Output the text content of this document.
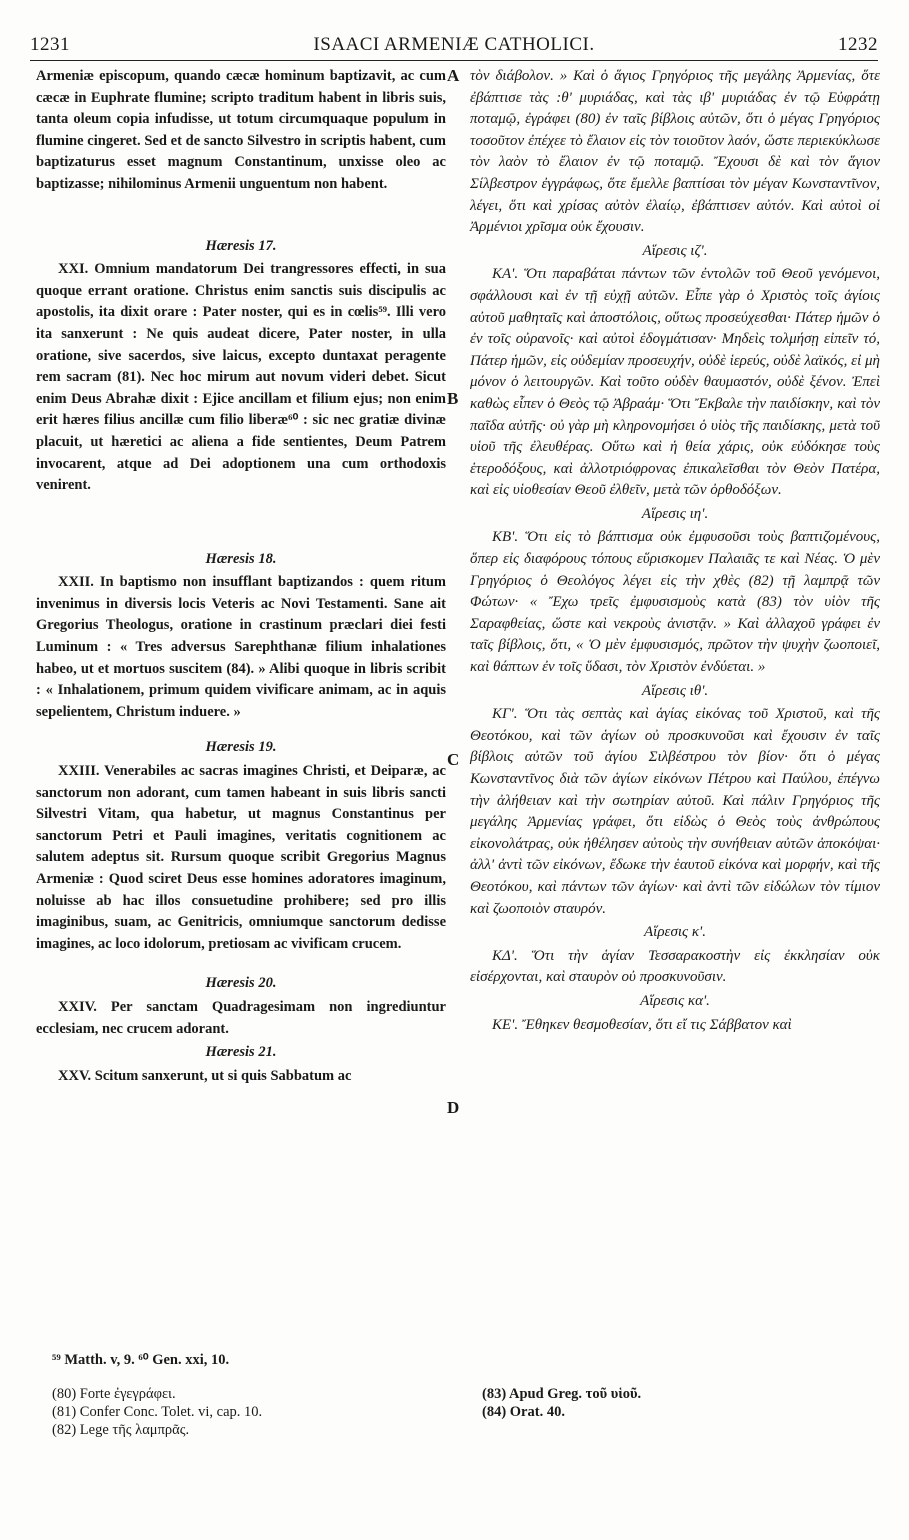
1231	ISAACI ARMENIÆ CATHOLICI.	1232
A
B
C
D

Armeniæ episcopum, quando cæcæ hominum baptizavit, ac cum cæcæ in Euphrate flumine; scripto traditum habent in libris suis, tanta oleum copia infudisse, ut totum circumquaque populum in flumine cingeret. Sed et de sancto Silvestro in scriptis habent, cum baptizaturus esset magnum Constantinum, unxisse oleo ac baptizasse; nihilominus Armenii unguentum non habent.

Hæresis 17.

XXI. Omnium mandatorum Dei trangressores effecti, in sua quoque errant oratione. Christus enim sanctis suis discipulis ac apostolis, ita dixit orare : Pater noster, qui es in cœlis⁵⁹. Illi vero ita sanxerunt : Ne quis audeat dicere, Pater noster, in ulla oratione, sive sacerdos, sive laicus, excepto duntaxat peragente rem sacram (81). Nec hoc mirum aut novum videri debet. Sicut enim Deus Abrahæ dixit : Ejice ancillam et filium ejus; non enim erit hæres filius ancillæ cum filio liberæ⁶⁰ : sic nec gratiæ divinæ placuit, ut hæretici ac aliena a fide sentientes, Deum Patrem invocarent, atque ad Dei adoptionem una cum orthodoxis venirent.

Hæresis 18.

XXII. In baptismo non insufflant baptizandos : quem ritum invenimus in diversis locis Veteris ac Novi Testamenti. Sane ait Gregorius Theologus, oratione in crastinum præclari diei festi Luminum : « Tres adversus Sarephthanæ filium inhalationes habeo, ut et mortuos suscitem (84). » Alibi quoque in libris scribit : « Inhalationem, primum quidem vivificare animam, ac in aquis sepelientem, Christum induere. »

Hæresis 19.

XXIII. Venerabiles ac sacras imagines Christi, et Deiparæ, ac sanctorum non adorant, cum tamen habeant in suis libris sancti Silvestri Vitam, qua habetur, ut magnus Constantinus per sanctorum Petri et Pauli imagines, veritatis cognitionem ac salutem adeptus sit. Rursum quoque scribit Gregorius Magnus Armeniæ : Quod sciret Deus esse homines adoratores imaginum, noluisse ab hac illos consuetudine prohibere; sed pro illis imaginibus, suam, ac Genitricis, omniumque sanctorum dedisse imagines, ac loco idolorum, pretiosam ac vivificam crucem.

Hæresis 20.

XXIV. Per sanctam Quadragesimam non ingrediuntur ecclesiam, nec crucem adorant.

Hæresis 21.

XXV. Scitum sanxerunt, ut si quis Sabbatum ac

⁵⁹ Matth. v, 9. ⁶⁰ Gen. xxi, 10.

τὸν διάβολον. » Καὶ ὁ ἅγιος Γρηγόριος τῆς μεγάλης Ἀρμενίας, ὅτε ἐβάπτισε τὰς :θ' μυριάδας, καὶ τὰς ιβ' μυριάδας ἐν τῷ Εὐφράτῃ ποταμῷ, ἐγράφει (80) ἐν ταῖς βίβλοις αὐτῶν, ὅτι ὁ μέγας Γρηγόριος τοσοῦτον ἐπέχεε τὸ ἔλαιον εἰς τὸν τοιοῦτον λαόν, ὥστε περιεκύκλωσε τὸν λαὸν τὸ ἔλαιον ἐν τῷ ποταμῷ. Ἔχουσι δὲ καὶ τὸν ἅγιον Σίλβεστρον ἐγγράφως, ὅτε ἔμελλε βαπτίσαι τὸν μέγαν Κωνσταντῖνον, λέγει, ὅτι καὶ χρίσας αὐτὸν ἐλαίῳ, ἐβάπτισεν αὐτόν. Καὶ αὐτοὶ οἱ Ἀρμένιοι χρῖσμα οὐκ ἔχουσιν.

Αἵρεσις ιζ'.

ΚΑ'. Ὅτι παραβάται πάντων τῶν ἐντολῶν τοῦ Θεοῦ γενόμενοι, σφάλλουσι καὶ ἐν τῇ εὐχῇ αὐτῶν. Εἶπε γὰρ ὁ Χριστὸς τοῖς ἁγίοις αὐτοῦ μαθηταῖς καὶ ἀποστόλοις, οὕτως προσεύχεσθαι· Πάτερ ἡμῶν ὁ ἐν τοῖς οὐρανοῖς· καὶ αὐτοὶ ἐδογμάτισαν· Μηδεὶς τολμήσῃ εἰπεῖν τό, Πάτερ ἡμῶν, εἰς οὐδεμίαν προσευχήν, οὐδὲ ἱερεύς, οὐδὲ λαϊκός, εἰ μὴ μόνον ὁ λειτουργῶν. Καὶ τοῦτο οὐδὲν θαυμαστόν, οὐδὲ ξένον. Ἐπεὶ καθὼς εἶπεν ὁ Θεὸς τῷ Ἀβραάμ· Ὅτι Ἔκβαλε τὴν παιδίσκην, καὶ τὸν παῖδα αὐτῆς· οὐ γὰρ μὴ κληρονομήσει ὁ υἱὸς τῆς παιδίσκης, μετὰ τοῦ υἱοῦ τῆς ἐλευθέρας. Οὕτω καὶ ἡ θεία χάρις, οὐκ εὐδόκησε τοὺς ἑτεροδόξους, καὶ ἀλλοτριόφρονας ἐπικαλεῖσθαι τὸν Θεὸν Πατέρα, καὶ εἰς υἱοθεσίαν Θεοῦ ἐλθεῖν, μετὰ τῶν ὀρθοδόξων.

Αἵρεσις ιη'.

ΚΒ'. Ὅτι εἰς τὸ βάπτισμα οὐκ ἐμφυσοῦσι τοὺς βαπτιζομένους, ὅπερ εἰς διαφόρους τόπους εὕρισκομεν Παλαιᾶς τε καὶ Νέας. Ὁ μὲν Γρηγόριος ὁ Θεολόγος λέγει εἰς τὴν χθὲς (82) τῇ λαμπρᾷ τῶν Φώτων· « Ἔχω τρεῖς ἐμφυσισμοὺς κατὰ (83) τὸν υἱὸν τῆς Σαραφθείας, ὥστε καὶ νεκροὺς ἀνιστᾷν. » Καὶ ἀλλαχοῦ γράφει ἐν ταῖς βίβλοις, ὅτι, « Ὁ μὲν ἐμφυσισμός, πρῶτον τὴν ψυχὴν ζωοποιεῖ, καὶ θάπτων ἐν τοῖς ὕδασι, τὸν Χριστὸν ἐνδύεται. »

Αἵρεσις ιθ'.

ΚΓ'. Ὅτι τὰς σεπτὰς καὶ ἁγίας εἰκόνας τοῦ Χριστοῦ, καὶ τῆς Θεοτόκου, καὶ τῶν ἁγίων οὐ προσκυνοῦσι καὶ ἔχουσιν ἐν ταῖς βίβλοις αὐτῶν τοῦ ἁγίου Σιλβέστρου τὸν βίον· ὅτι ὁ μέγας Κωνσταντῖνος διὰ τῶν ἁγίων εἰκόνων Πέτρου καὶ Παύλου, ἐπέγνω τὴν ἀλήθειαν καὶ τὴν σωτηρίαν αὐτοῦ. Καὶ πάλιν Γρηγόριος τῆς μεγάλης Ἀρμενίας γράφει, ὅτι εἰδὼς ὁ Θεὸς τοὺς ἀνθρώπους εἰκονολάτρας, οὐκ ἠθέλησεν αὐτοὺς τὴν συνήθειαν αὐτῶν ἀποκόψαι· ἀλλ' ἀντὶ τῶν εἰκόνων, ἔδωκε τὴν ἑαυτοῦ εἰκόνα καὶ μορφήν, καὶ τῆς Θεοτόκου, καὶ πάντων τῶν ἁγίων· καὶ ἀντὶ τῶν εἰδώλων τὸν τίμιον καὶ ζωοποιὸν σταυρόν.

Αἵρεσις κ'.

ΚΔ'. Ὅτι τὴν ἁγίαν Τεσσαρακοστὴν εἰς ἐκκλησίαν οὐκ εἰσέρχονται, καὶ σταυρὸν οὐ προσκυνοῦσιν.

Αἵρεσις κα'.

ΚΕ'. Ἔθηκεν θεσμοθεσίαν, ὅτι εἴ τις Σάββατον καὶ

(80) Forte ἐγεγράφει.
(81) Confer Conc. Tolet. vi, cap. 10.
(82) Lege τῆς λαμπρᾶς.
(83) Apud Greg. τοῦ υἱοῦ.
(84) Orat. 40.
